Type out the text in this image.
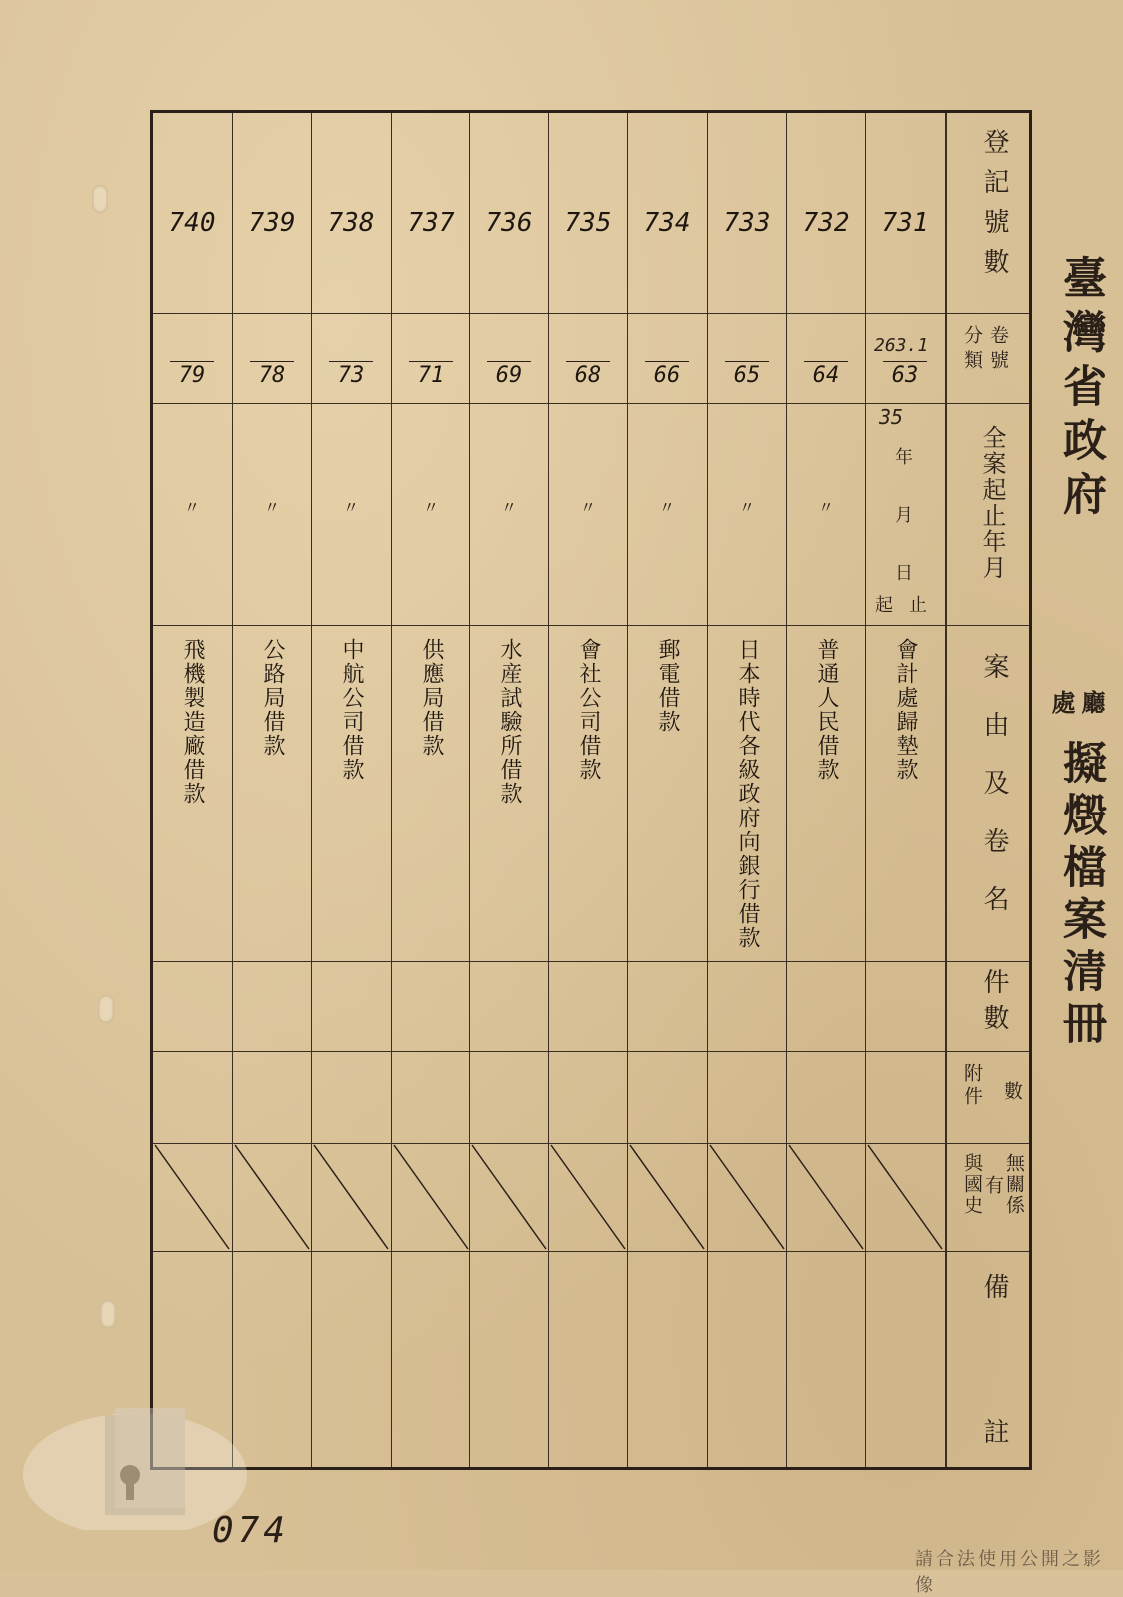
登記號數
卷號
分類
全案起止年月
案由及卷名
件數
數
附件
無關係
有
與國史
備
註
35
年
月
日
起 止
731
63
263.1
會計處歸墊款
732
64
〃
普通人民借款
733
65
〃
日本時代各級政府向銀行借款
734
66
〃
郵電借款
735
68
〃
會社公司借款
736
69
〃
水産試驗所借款
737
71
〃
供應局借款
738
73
〃
中航公司借款
739
78
〃
公路局借款
740
79
〃
飛機製造廠借款
臺灣省政府
廳
處
擬燬檔案清冊
074
請合法使用公開之影像
